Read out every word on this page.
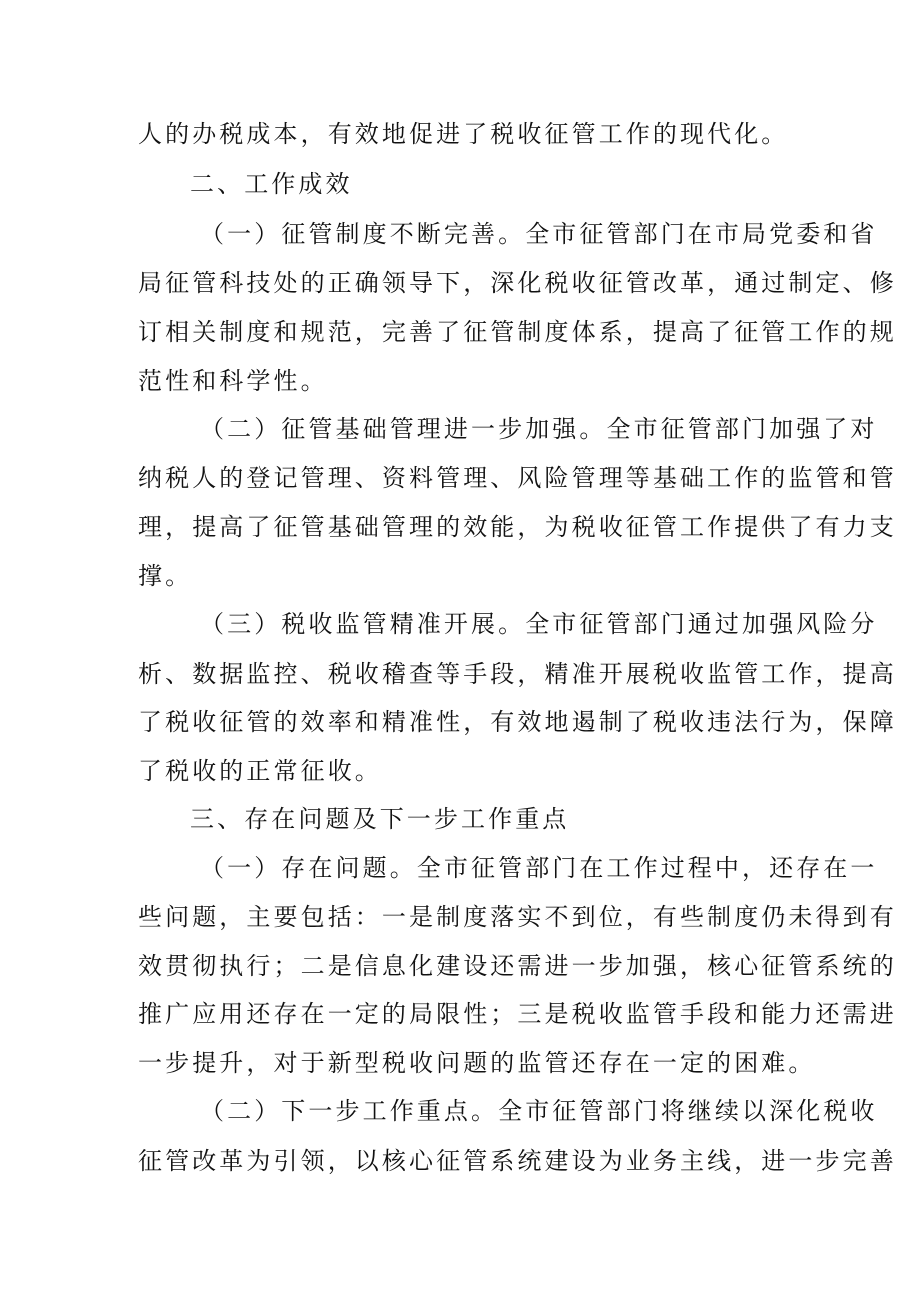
人的办税成本，有效地促进了税收征管工作的现代化。
二、工作成效
（一）征管制度不断完善。全市征管部门在市局党委和省
局征管科技处的正确领导下，深化税收征管改革，通过制定、修
订相关制度和规范，完善了征管制度体系，提高了征管工作的规
范性和科学性。
（二）征管基础管理进一步加强。全市征管部门加强了对
纳税人的登记管理、资料管理、风险管理等基础工作的监管和管
理，提高了征管基础管理的效能，为税收征管工作提供了有力支
撑。
（三）税收监管精准开展。全市征管部门通过加强风险分
析、数据监控、税收稽查等手段，精准开展税收监管工作，提高
了税收征管的效率和精准性，有效地遏制了税收违法行为，保障
了税收的正常征收。
三、存在问题及下一步工作重点
（一）存在问题。全市征管部门在工作过程中，还存在一
些问题，主要包括：一是制度落实不到位，有些制度仍未得到有
效贯彻执行；二是信息化建设还需进一步加强，核心征管系统的
推广应用还存在一定的局限性；三是税收监管手段和能力还需进
一步提升，对于新型税收问题的监管还存在一定的困难。
（二）下一步工作重点。全市征管部门将继续以深化税收
征管改革为引领，以核心征管系统建设为业务主线，进一步完善
